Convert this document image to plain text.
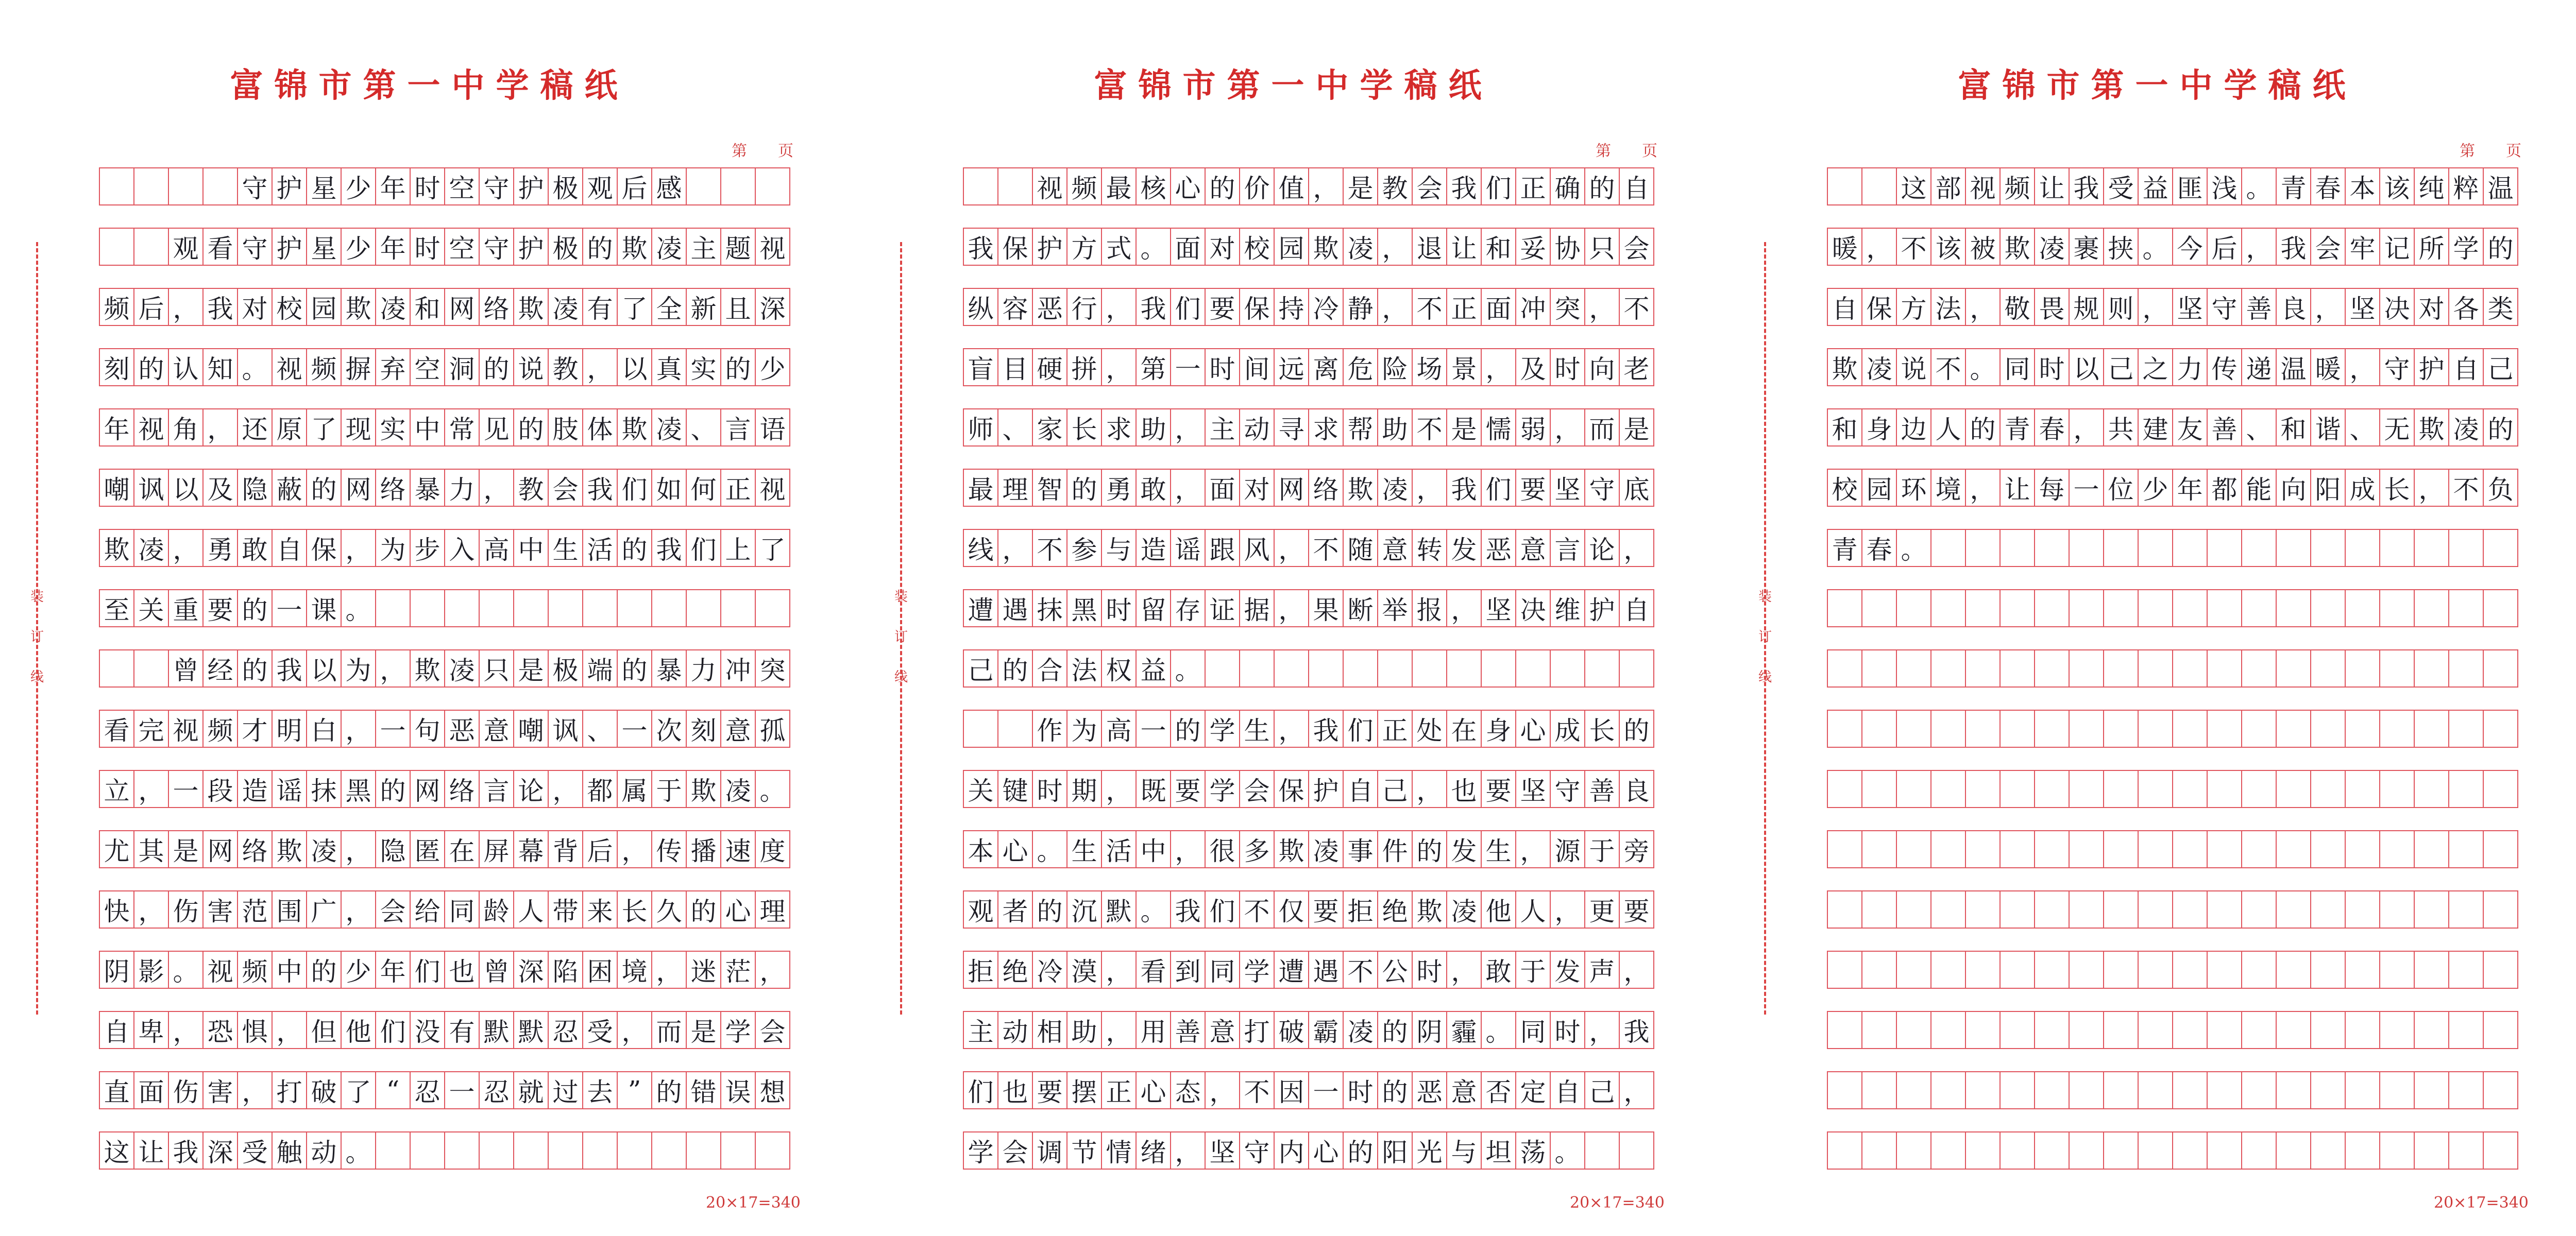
富锦市第一中学稿纸
第　　页
装
订
线
守 护 星 少 年 时 空 守 护 极 观 后 感
观 看 守 护 星 少 年 时 空 守 护 极 的 欺 凌 主 题 视
频 后 ， 我 对 校 园 欺 凌 和 网 络 欺 凌 有 了 全 新 且 深
刻 的 认 知 。 视 频 摒 弃 空 洞 的 说 教 ， 以 真 实 的 少
年 视 角 ， 还 原 了 现 实 中 常 见 的 肢 体 欺 凌 、 言 语
嘲 讽 以 及 隐 蔽 的 网 络 暴 力 ， 教 会 我 们 如 何 正 视
欺 凌 ， 勇 敢 自 保 ， 为 步 入 高 中 生 活 的 我 们 上 了
至 关 重 要 的 一 课 。
曾 经 的 我 以 为 ， 欺 凌 只 是 极 端 的 暴 力 冲 突
看 完 视 频 才 明 白 ， 一 句 恶 意 嘲 讽 、 一 次 刻 意 孤
立 ， 一 段 造 谣 抹 黑 的 网 络 言 论 ， 都 属 于 欺 凌 。
尤 其 是 网 络 欺 凌 ， 隐 匿 在 屏 幕 背 后 ， 传 播 速 度
快 ， 伤 害 范 围 广 ， 会 给 同 龄 人 带 来 长 久 的 心 理
阴 影 。 视 频 中 的 少 年 们 也 曾 深 陷 困 境 ， 迷 茫 ，
自 卑 ， 恐 惧 ， 但 他 们 没 有 默 默 忍 受 ， 而 是 学 会
直 面 伤 害 ， 打 破 了 “ 忍 一 忍 就 过 去 ” 的 错 误 想
这 让 我 深 受 触 动 。
20×17=340
富锦市第一中学稿纸
第　　页
装
订
线
视 频 最 核 心 的 价 值 ， 是 教 会 我 们 正 确 的 自
我 保 护 方 式 。 面 对 校 园 欺 凌 ， 退 让 和 妥 协 只 会
纵 容 恶 行 ， 我 们 要 保 持 冷 静 ， 不 正 面 冲 突 ， 不
盲 目 硬 拼 ， 第 一 时 间 远 离 危 险 场 景 ， 及 时 向 老
师 、 家 长 求 助 ， 主 动 寻 求 帮 助 不 是 懦 弱 ， 而 是
最 理 智 的 勇 敢 ， 面 对 网 络 欺 凌 ， 我 们 要 坚 守 底
线 ， 不 参 与 造 谣 跟 风 ， 不 随 意 转 发 恶 意 言 论 ，
遭 遇 抹 黑 时 留 存 证 据 ， 果 断 举 报 ， 坚 决 维 护 自
己 的 合 法 权 益 。
作 为 高 一 的 学 生 ， 我 们 正 处 在 身 心 成 长 的
关 键 时 期 ， 既 要 学 会 保 护 自 己 ， 也 要 坚 守 善 良
本 心 。 生 活 中 ， 很 多 欺 凌 事 件 的 发 生 ， 源 于 旁
观 者 的 沉 默 。 我 们 不 仅 要 拒 绝 欺 凌 他 人 ， 更 要
拒 绝 冷 漠 ， 看 到 同 学 遭 遇 不 公 时 ， 敢 于 发 声 ，
主 动 相 助 ， 用 善 意 打 破 霸 凌 的 阴 霾 。 同 时 ， 我
们 也 要 摆 正 心 态 ， 不 因 一 时 的 恶 意 否 定 自 己 ，
学 会 调 节 情 绪 ， 坚 守 内 心 的 阳 光 与 坦 荡 。
20×17=340
富锦市第一中学稿纸
第　　页
装
订
线
这 部 视 频 让 我 受 益 匪 浅 。 青 春 本 该 纯 粹 温
暖 ， 不 该 被 欺 凌 裹 挟 。 今 后 ， 我 会 牢 记 所 学 的
自 保 方 法 ， 敬 畏 规 则 ， 坚 守 善 良 ， 坚 决 对 各 类
欺 凌 说 不 。 同 时 以 己 之 力 传 递 温 暖 ， 守 护 自 己
和 身 边 人 的 青 春 ， 共 建 友 善 、 和 谐 、 无 欺 凌 的
校 园 环 境 ， 让 每 一 位 少 年 都 能 向 阳 成 长 ， 不 负
青 春 。
20×17=340
